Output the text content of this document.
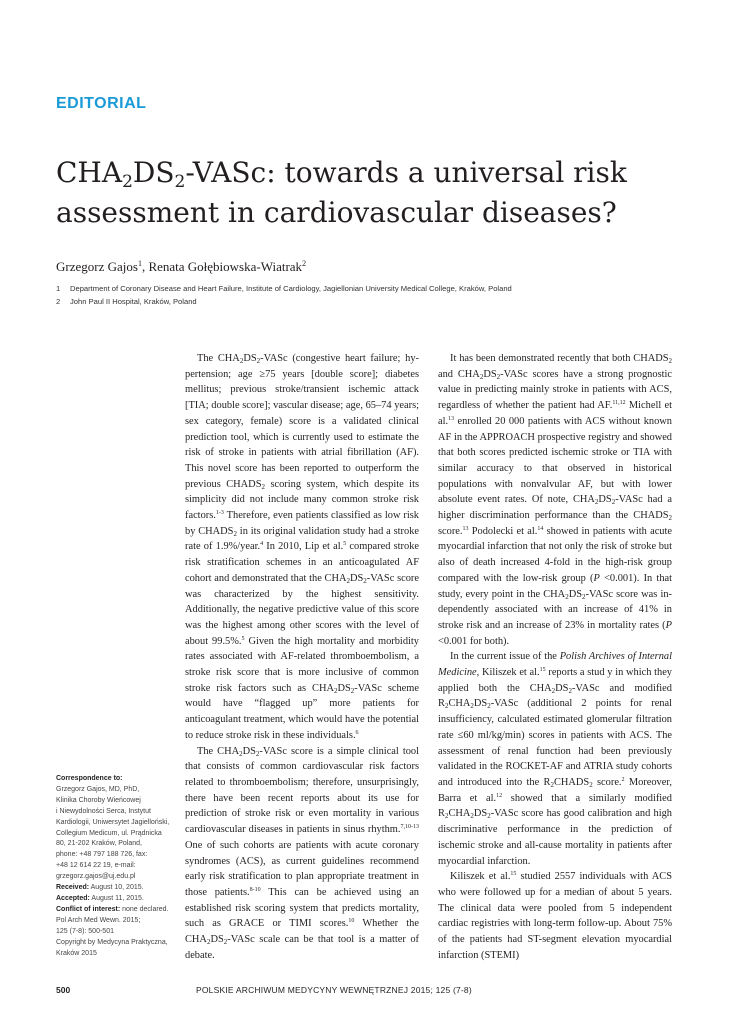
EDITORIAL
$CHA_2DS_2$-VASc: towards a universal risk assessment in cardiovascular diseases?
Grzegorz Gajos$^1$, Renata Gołębiowska-Wiatrak$^2$
1 Department of Coronary Disease and Heart Failure, Institute of Cardiology, Jagiellonian University Medical College, Kraków, Poland
2 John Paul II Hospital, Kraków, Poland
Correspondence to:
Grzegorz Gajos, MD, PhD,
Klinika Choroby Wieńcowej
i Niewydolności Serca, Instytut
Kardiologii, Uniwersytet Jagielloński,
Collegium Medicum, ul. Prądnicka
80, 21-202 Kraków, Poland,
phone: +48 797 188 726, fax:
+48 12 614 22 19, e-mail:
grzegorz.gajos@uj.edu.pl
Received: August 10, 2015.
Accepted: August 11, 2015.
Conflict of interest: none declared.
Pol Arch Med Wewn. 2015;
125 (7-8): 500-501
Copyright by Medycyna Praktyczna,
Kraków 2015

The $CHA_2DS_2$-VASc (congestive heart failure; hypertension; age ≥75 years [double score]; diabetes mellitus; previous stroke/transient ischemic attack [TIA; double score]; vascular disease; age, 65–74 years; sex category, female) score is a validated clinical prediction tool, which is currently used to estimate the risk of stroke in patients with atrial fibrillation (AF). This novel score has been reported to outperform the previous $CHADS_2$ scoring system, which despite its simplicity did not include many common stroke risk factors.$^{1-3}$ Therefore, even patients classified as low risk by $CHADS_2$ in its original validation study had a stroke rate of 1.9%/year.$^4$ In 2010, Lip et al.$^5$ compared stroke risk stratification schemes in an anticoagulated AF cohort and demonstrated that the $CHA_2DS_2$-VASc score was characterized by the highest sensitivity. Additionally, the negative predictive value of this score was the highest among other scores with the level of about 99.5%.$^5$ Given the high mortality and morbidity rates associated with AF-related thromboembolism, a stroke risk score that is more inclusive of common stroke risk factors such as $CHA_2DS_2$-VASc scheme would have “flagged up” more patients for anticoagulant treatment, which would have the potential to reduce stroke risk in these individuals.$^6$

The $CHA_2DS_2$-VASc score is a simple clinical tool that consists of common cardiovascular risk factors related to thromboembolism; therefore, unsurprisingly, there have been recent reports about its use for prediction of stroke risk or even mortality in various cardiovascular diseases in patients in sinus rhythm.$^{7,10-13}$ One of such cohorts are patients with acute coronary syndromes (ACS), as current guidelines recommend early risk stratification to plan appropriate treatment in those patients.$^{8-10}$ This can be achieved using an established risk scoring system that predicts mortality, such as GRACE or TIMI scores.$^{10}$ Whether the $CHA_2DS_2$-VASc scale can be that tool is a matter of debate.

It has been demonstrated recently that both $CHADS_2$ and $CHA_2DS_2$-VASc scores have a strong prognostic value in predicting mainly stroke in patients with ACS, regardless of whether the patient had AF.$^{11,12}$ Michell et al.$^{13}$ enrolled 20 000 patients with ACS without known AF in the APPROACH prospective registry and showed that both scores predicted ischemic stroke or TIA with similar accuracy to that observed in historical populations with nonvalvular AF, but with lower absolute event rates. Of note, $CHA_2DS_2$-VASc had a higher discrimination performance than the $CHADS_2$ score.$^{13}$ Podolecki et al.$^{14}$ showed in patients with acute myocardial infarction that not only the risk of stroke but also of death increased 4-fold in the high-risk group compared with the low-risk group (P <0.001). In that study, every point in the $CHA_2DS_2$-VASc score was independently associated with an increase of 41% in stroke risk and an increase of 23% in mortality rates (P <0.001 for both).

In the current issue of the Polish Archives of Internal Medicine, Kiliszek et al.$^{15}$ reports a stud y in which they applied both the $CHA_2DS_2$-VASc and modified $R_2CHA_2DS_2$-VASc (additional 2 points for renal insufficiency, calculated estimated glomerular filtration rate ≤60 ml/kg/min) scores in patients with ACS. The assessment of renal function had been previously validated in the ROCKET-AF and ATRIA study cohorts and introduced into the $R_2CHADS_2$ score.$^2$ Moreover, Barra et al.$^{12}$ showed that a similarly modified $R_2CHA_2DS_2$-VASc score has good calibration and high discriminative performance in the prediction of ischemic stroke and all-cause mortality in patients after myocardial infarction.

Kiliszek et al.$^{15}$ studied 2557 individuals with ACS who were followed up for a median of about 5 years. The clinical data were pooled from 5 independent cardiac registries with long-term follow-up. About 75% of the patients had ST-segment elevation myocardial infarction (STEMI)

500	POLSKIE ARCHIWUM MEDYCYNY WEWNĘTRZNEJ 2015; 125 (7-8)
